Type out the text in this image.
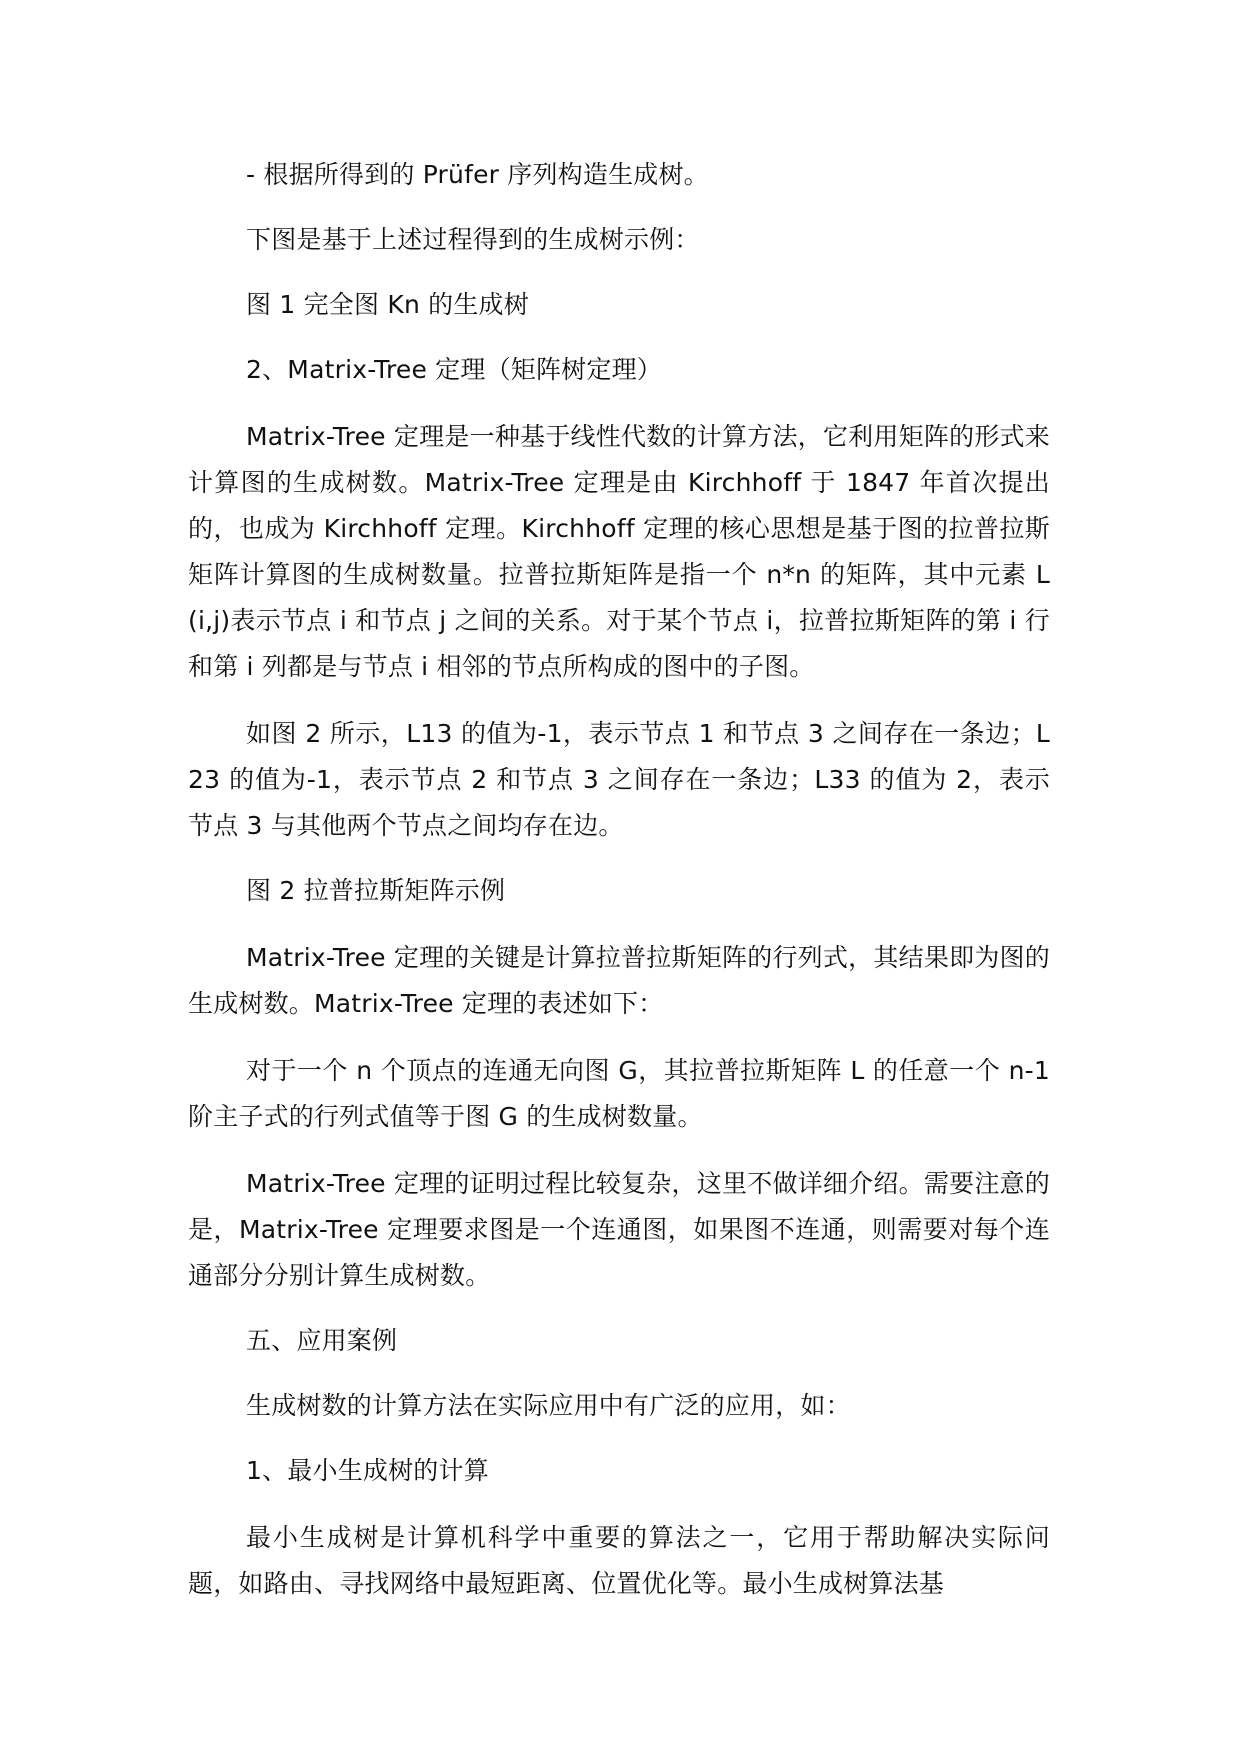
- 根据所得到的 Prüfer 序列构造生成树。

下图是基于上述过程得到的生成树示例：

图 1 完全图 Kn 的生成树

2、Matrix-Tree 定理（矩阵树定理）

Matrix-Tree 定理是一种基于线性代数的计算方法，它利用矩阵的形式来计算图的生成树数。Matrix-Tree 定理是由 Kirchhoff 于 1847 年首次提出的，也成为 Kirchhoff 定理。Kirchhoff 定理的核心思想是基于图的拉普拉斯矩阵计算图的生成树数量。拉普拉斯矩阵是指一个 n*n 的矩阵，其中元素 L(i,j)表示节点 i 和节点 j 之间的关系。对于某个节点 i，拉普拉斯矩阵的第 i 行和第 i 列都是与节点 i 相邻的节点所构成的图中的子图。

如图 2 所示，L13 的值为-1，表示节点 1 和节点 3 之间存在一条边；L23 的值为-1，表示节点 2 和节点 3 之间存在一条边；L33 的值为 2，表示节点 3 与其他两个节点之间均存在边。

图 2 拉普拉斯矩阵示例

Matrix-Tree 定理的关键是计算拉普拉斯矩阵的行列式，其结果即为图的生成树数。Matrix-Tree 定理的表述如下：

对于一个 n 个顶点的连通无向图 G，其拉普拉斯矩阵 L 的任意一个 n-1 阶主子式的行列式值等于图 G 的生成树数量。

Matrix-Tree 定理的证明过程比较复杂，这里不做详细介绍。需要注意的是，Matrix-Tree 定理要求图是一个连通图，如果图不连通，则需要对每个连通部分分别计算生成树数。

五、应用案例

生成树数的计算方法在实际应用中有广泛的应用，如：

1、最小生成树的计算

最小生成树是计算机科学中重要的算法之一，它用于帮助解决实际问题，如路由、寻找网络中最短距离、位置优化等。最小生成树算法基
